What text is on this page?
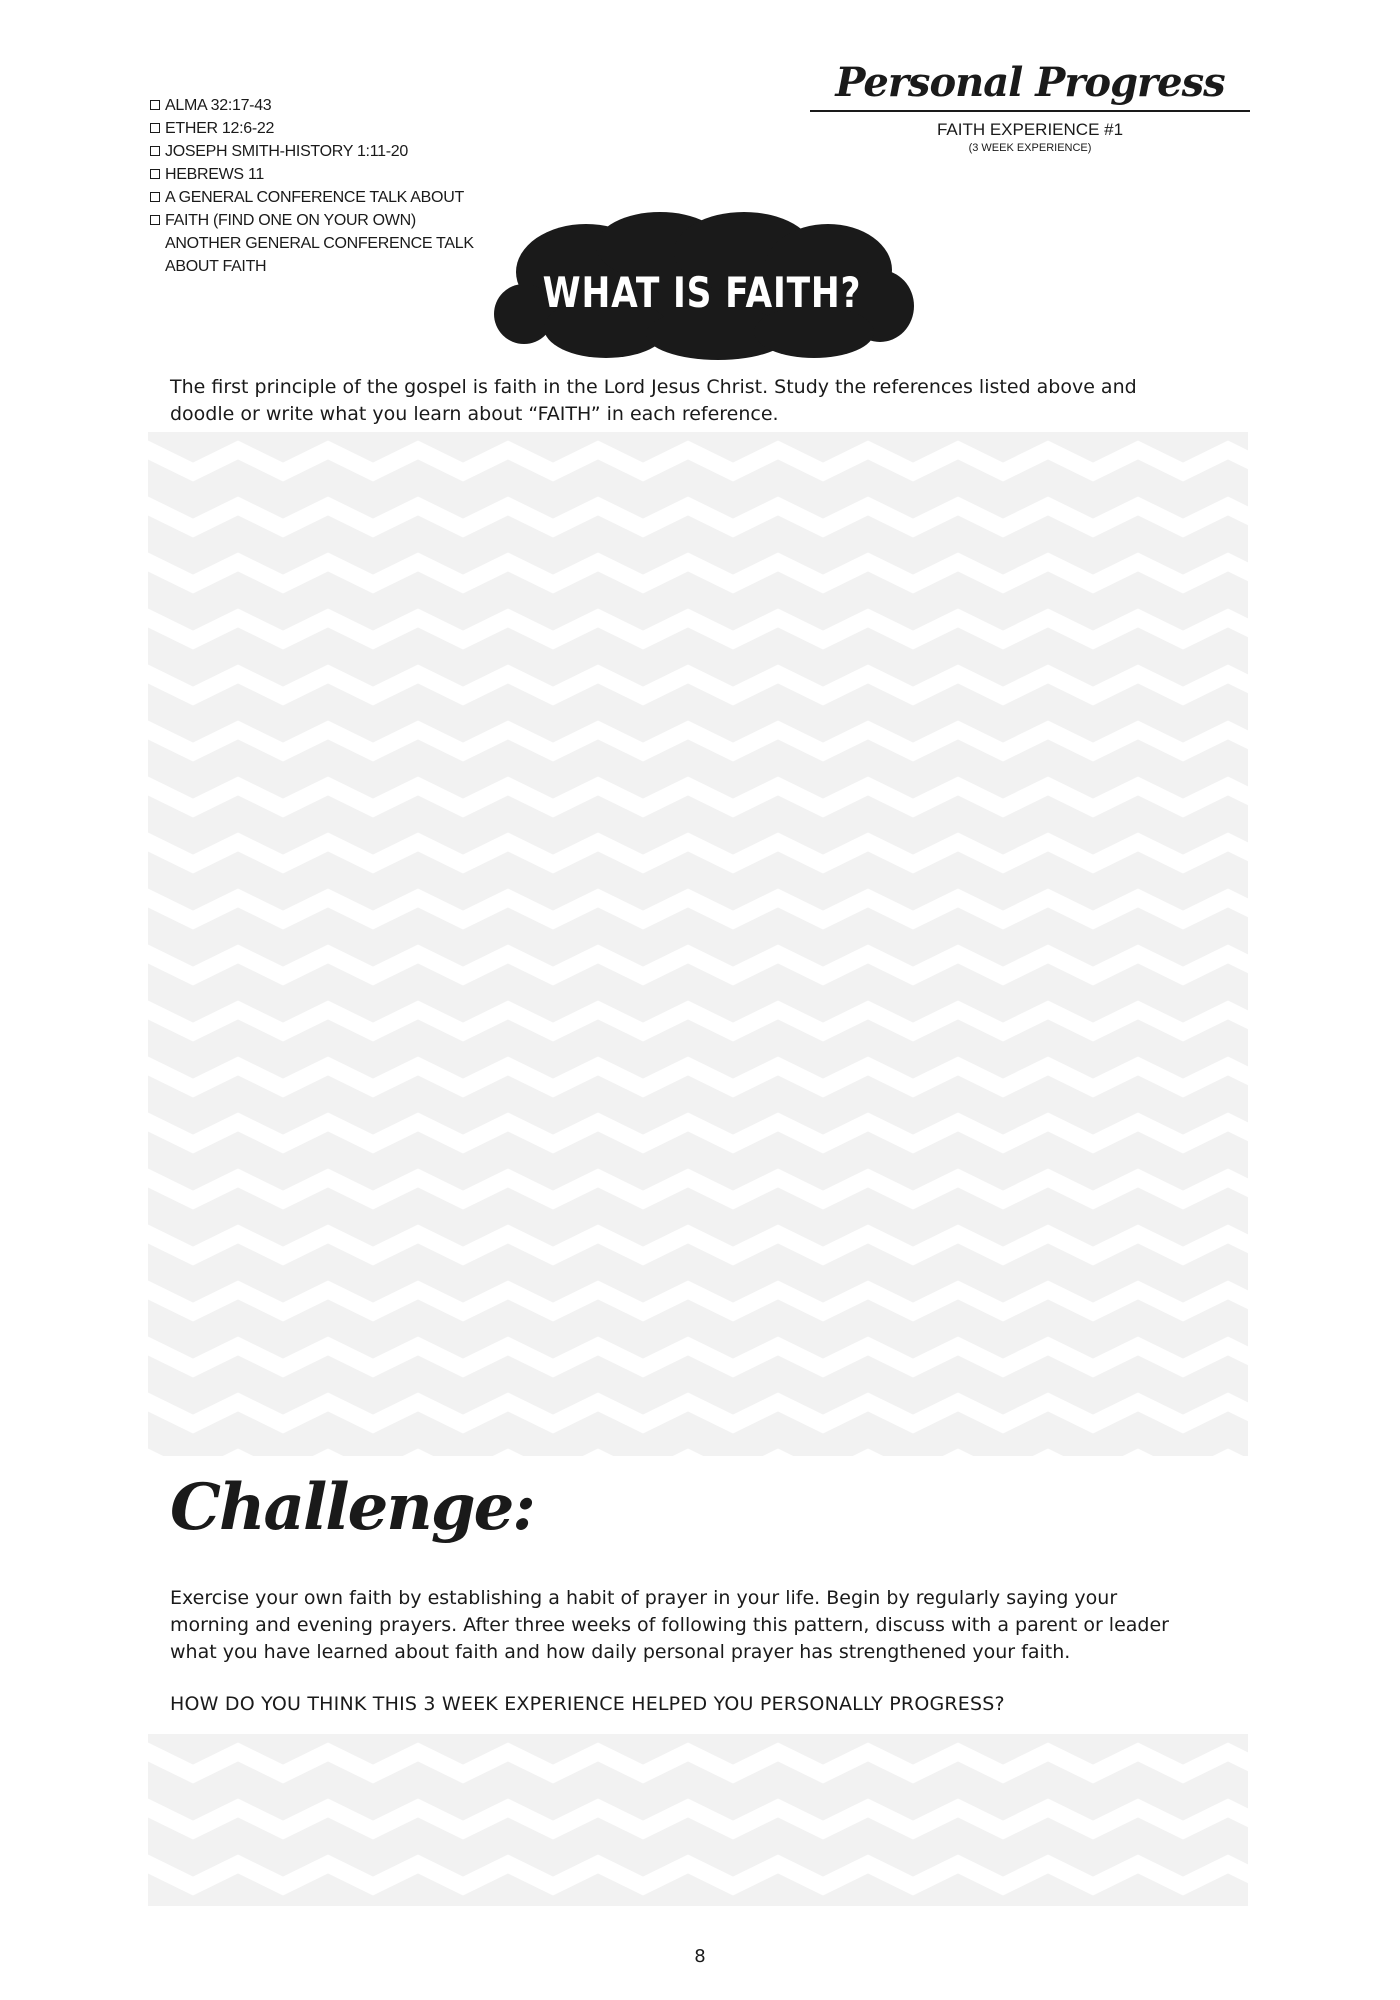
ALMA 32:17-43
ETHER 12:6-22
JOSEPH SMITH-HISTORY 1:11-20
HEBREWS 11
A GENERAL CONFERENCE TALK ABOUT
FAITH (FIND ONE ON YOUR OWN)
ANOTHER GENERAL CONFERENCE TALK
ABOUT FAITH
Personal Progress
FAITH EXPERIENCE #1
(3 WEEK EXPERIENCE)
WHAT IS FAITH?
The first principle of the gospel is faith in the Lord Jesus Christ. Study the references listed above and
doodle or write what you learn about “FAITH” in each reference.
Challenge:
Exercise your own faith by establishing a habit of prayer in your life. Begin by regularly saying your
morning and evening prayers. After three weeks of following this pattern, discuss with a parent or leader
what you have learned about faith and how daily personal prayer has strengthened your faith.
HOW DO YOU THINK THIS 3 WEEK EXPERIENCE HELPED YOU PERSONALLY PROGRESS?
8
